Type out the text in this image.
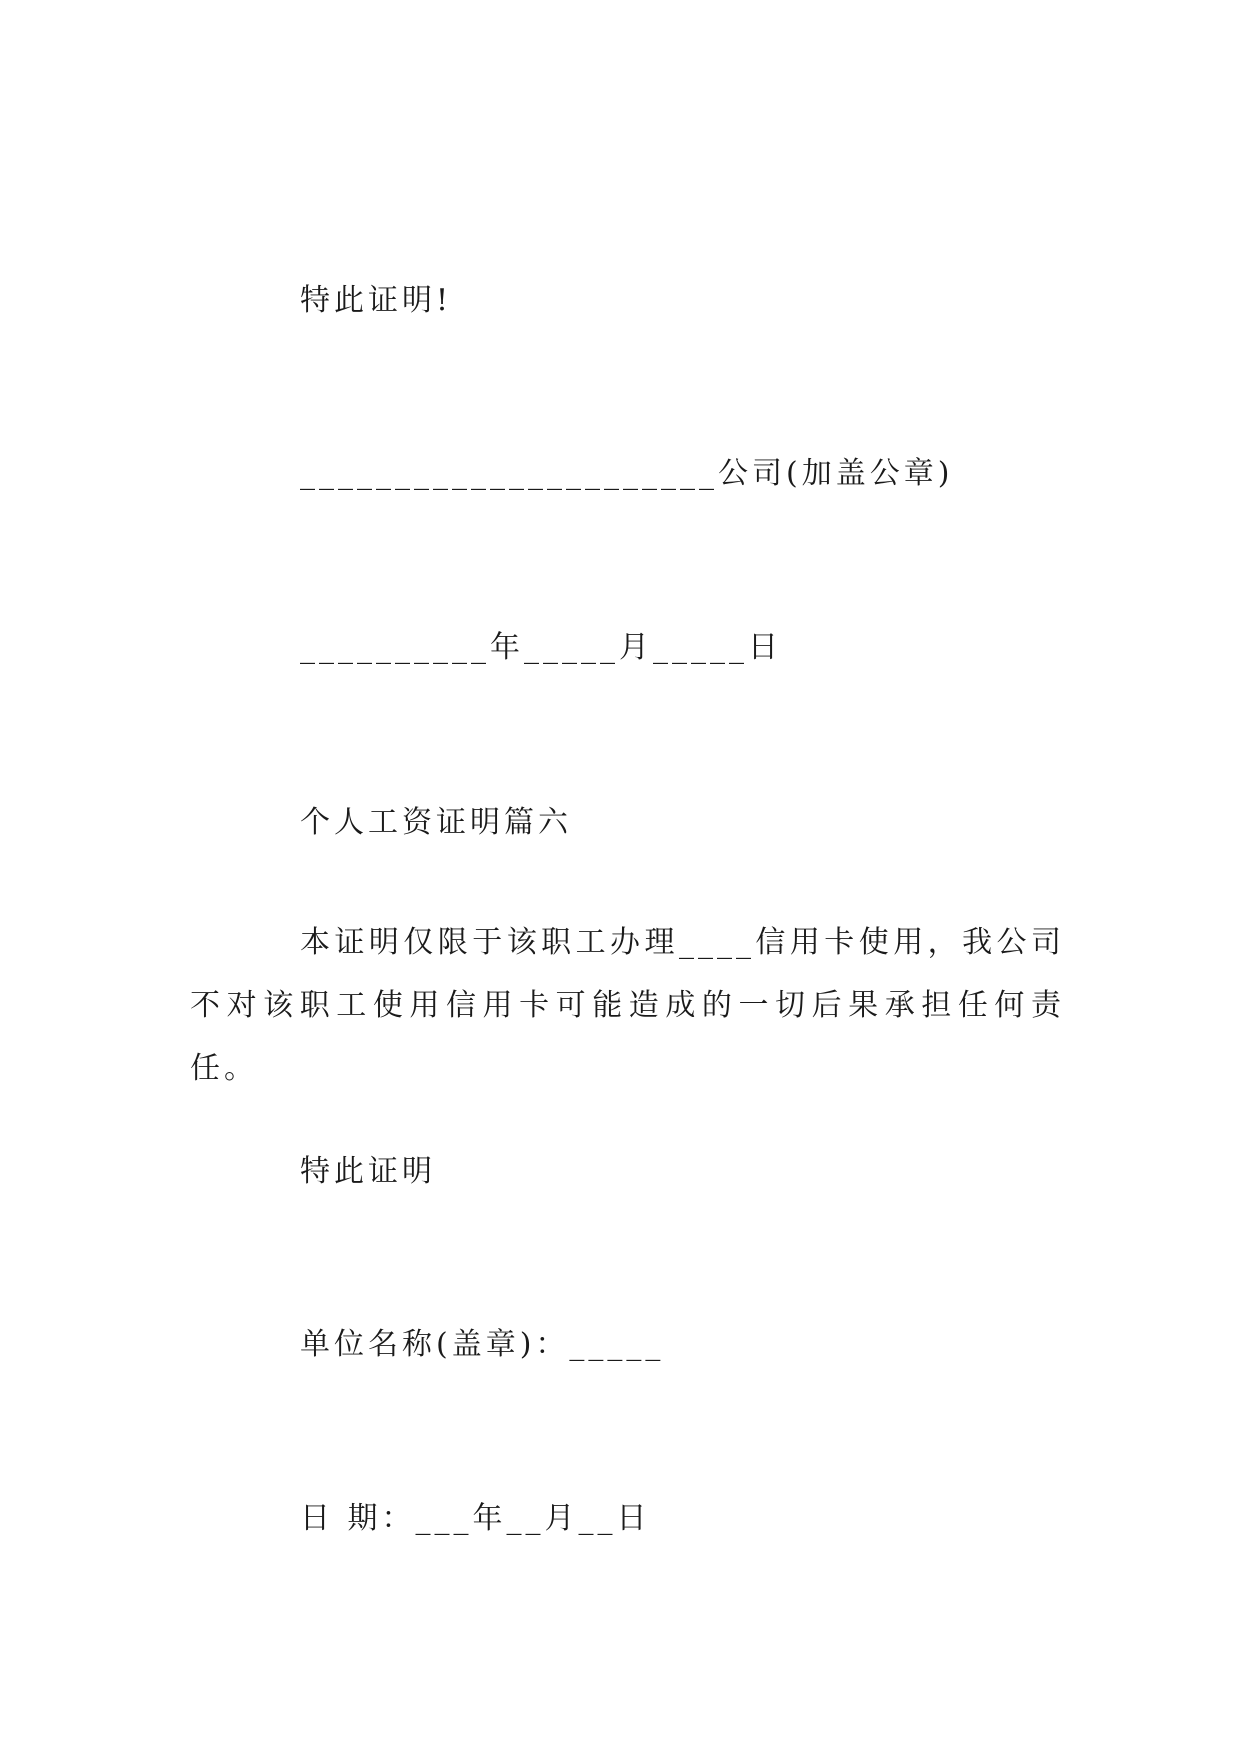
特此证明!
______________________公司(加盖公章)
__________年_____月_____日
个人工资证明篇六
本证明仅限于该职工办理____信用卡使用，我公司不对该职工使用信用卡可能造成的一切后果承担任何责任。
特此证明
单位名称(盖章)：_____
日 期：___年__月__日
